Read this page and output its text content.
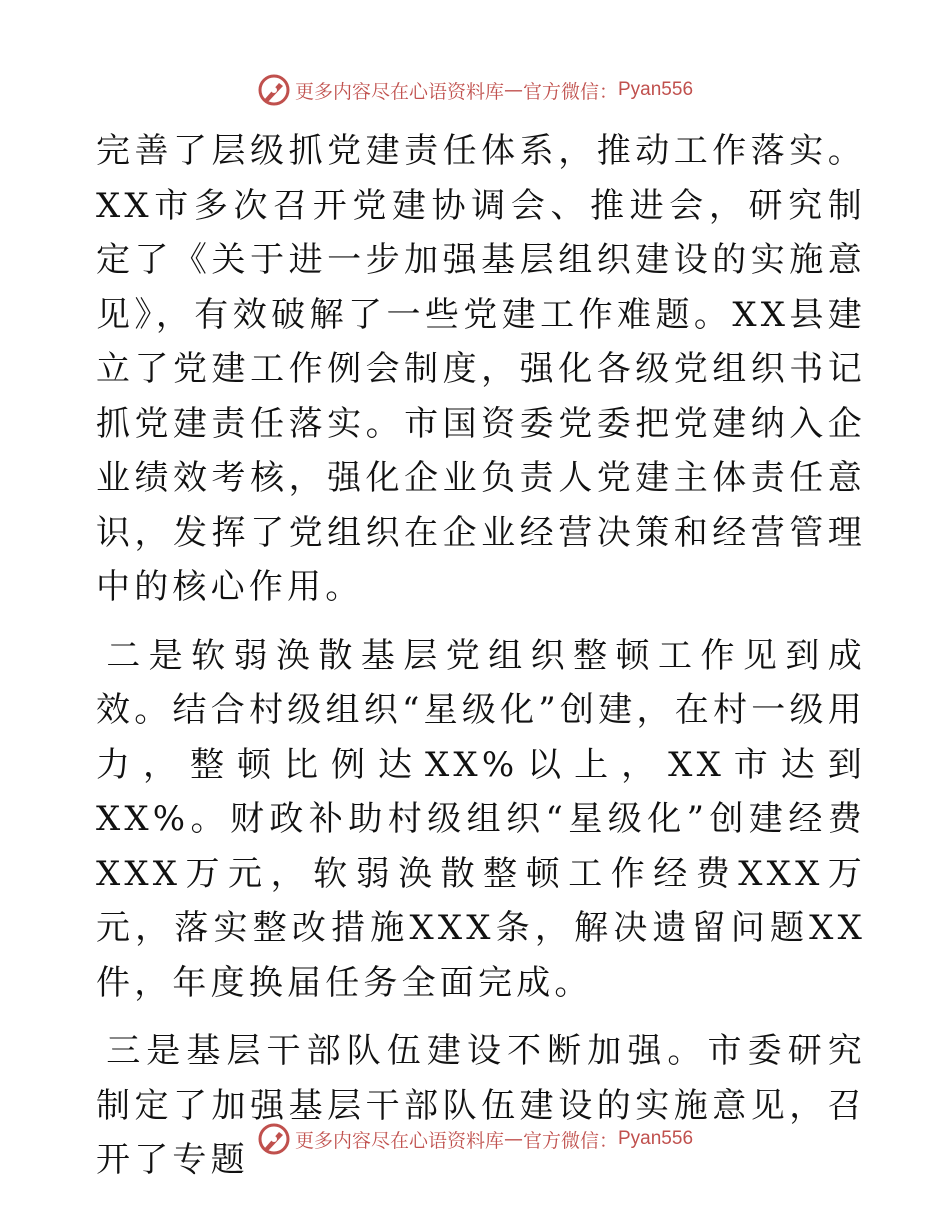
更多内容尽在心语资料库 — 官方微信： Pyan556

完善了层级抓党建责任体系，推动工作落实。XX市多次召开党建协调会、推进会，研究制定了《关于进一步加强基层组织建设的实施意见》，有效破解了一些党建工作难题。XX县建立了党建工作例会制度，强化各级党组织书记抓党建责任落实。市国资委党委把党建纳入企业绩效考核，强化企业负责人党建主体责任意识，发挥了党组织在企业经营决策和经营管理中的核心作用。

二是软弱涣散基层党组织整顿工作见到成效。结合村级组织“星级化”创建，在村一级用力，整顿比例达XX%以上，XX市达到XX%。财政补助村级组织“星级化”创建经费XXX万元，软弱涣散整顿工作经费XXX万元，落实整改措施XXX条，解决遗留问题XX件，年度换届任务全面完成。

三是基层干部队伍建设不断加强。市委研究制定了加强基层干部队伍建设的实施意见，召开了专题	更多内容尽在心语资料库 — 官方微信： Pyan556
